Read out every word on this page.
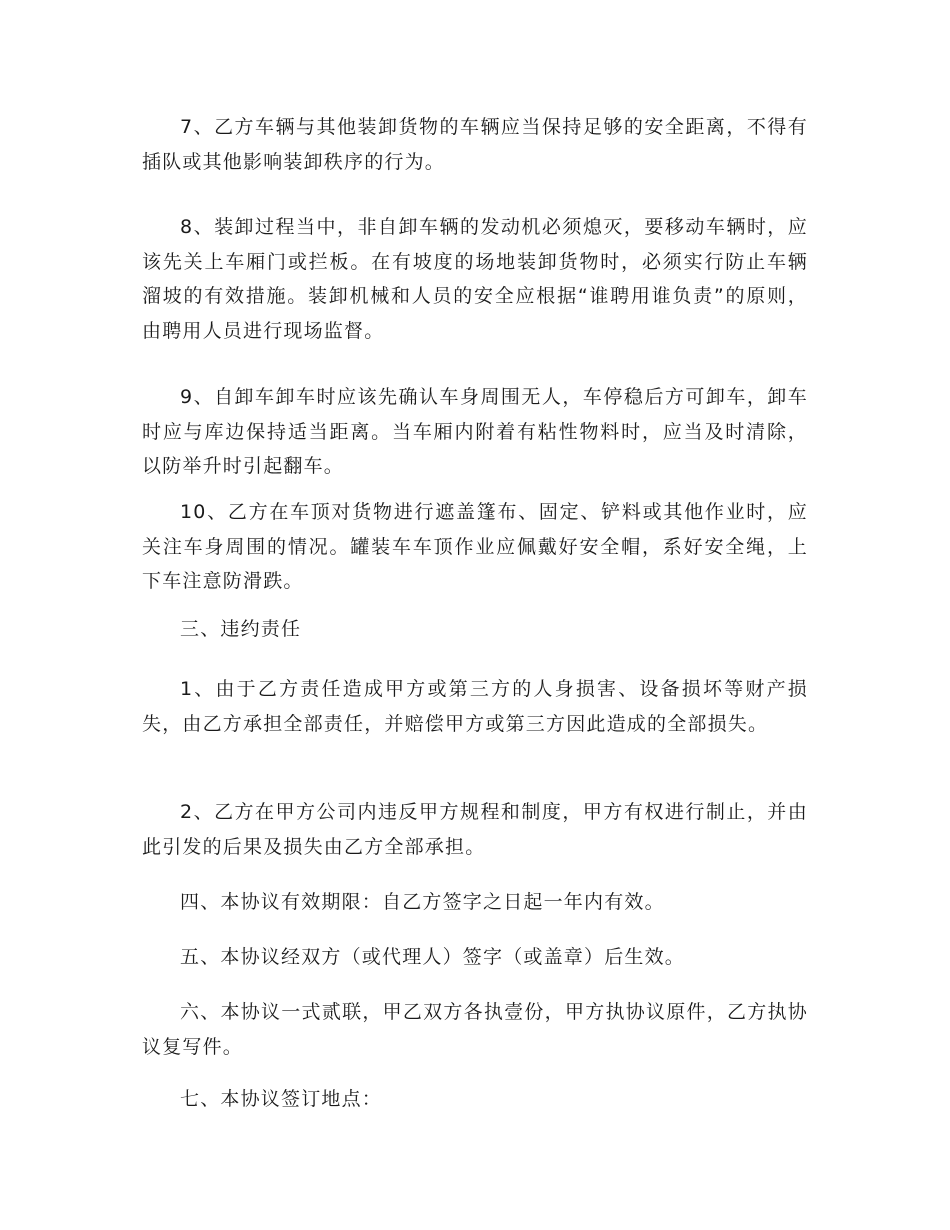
7、乙方车辆与其他装卸货物的车辆应当保持足够的安全距离，不得有插队或其他影响装卸秩序的行为。

8、装卸过程当中，非自卸车辆的发动机必须熄灭，要移动车辆时，应该先关上车厢门或拦板。在有坡度的场地装卸货物时，必须实行防止车辆溜坡的有效措施。装卸机械和人员的安全应根据“谁聘用谁负责”的原则，由聘用人员进行现场监督。

9、自卸车卸车时应该先确认车身周围无人，车停稳后方可卸车，卸车时应与库边保持适当距离。当车厢内附着有粘性物料时，应当及时清除，以防举升时引起翻车。

10、乙方在车顶对货物进行遮盖篷布、固定、铲料或其他作业时，应关注车身周围的情况。罐装车车顶作业应佩戴好安全帽，系好安全绳，上下车注意防滑跌。

三、违约责任

1、由于乙方责任造成甲方或第三方的人身损害、设备损坏等财产损失，由乙方承担全部责任，并赔偿甲方或第三方因此造成的全部损失。

2、乙方在甲方公司内违反甲方规程和制度，甲方有权进行制止，并由此引发的后果及损失由乙方全部承担。

四、本协议有效期限：自乙方签字之日起一年内有效。

五、本协议经双方（或代理人）签字（或盖章）后生效。

六、本协议一式贰联，甲乙双方各执壹份，甲方执协议原件，乙方执协议复写件。

七、本协议签订地点：
